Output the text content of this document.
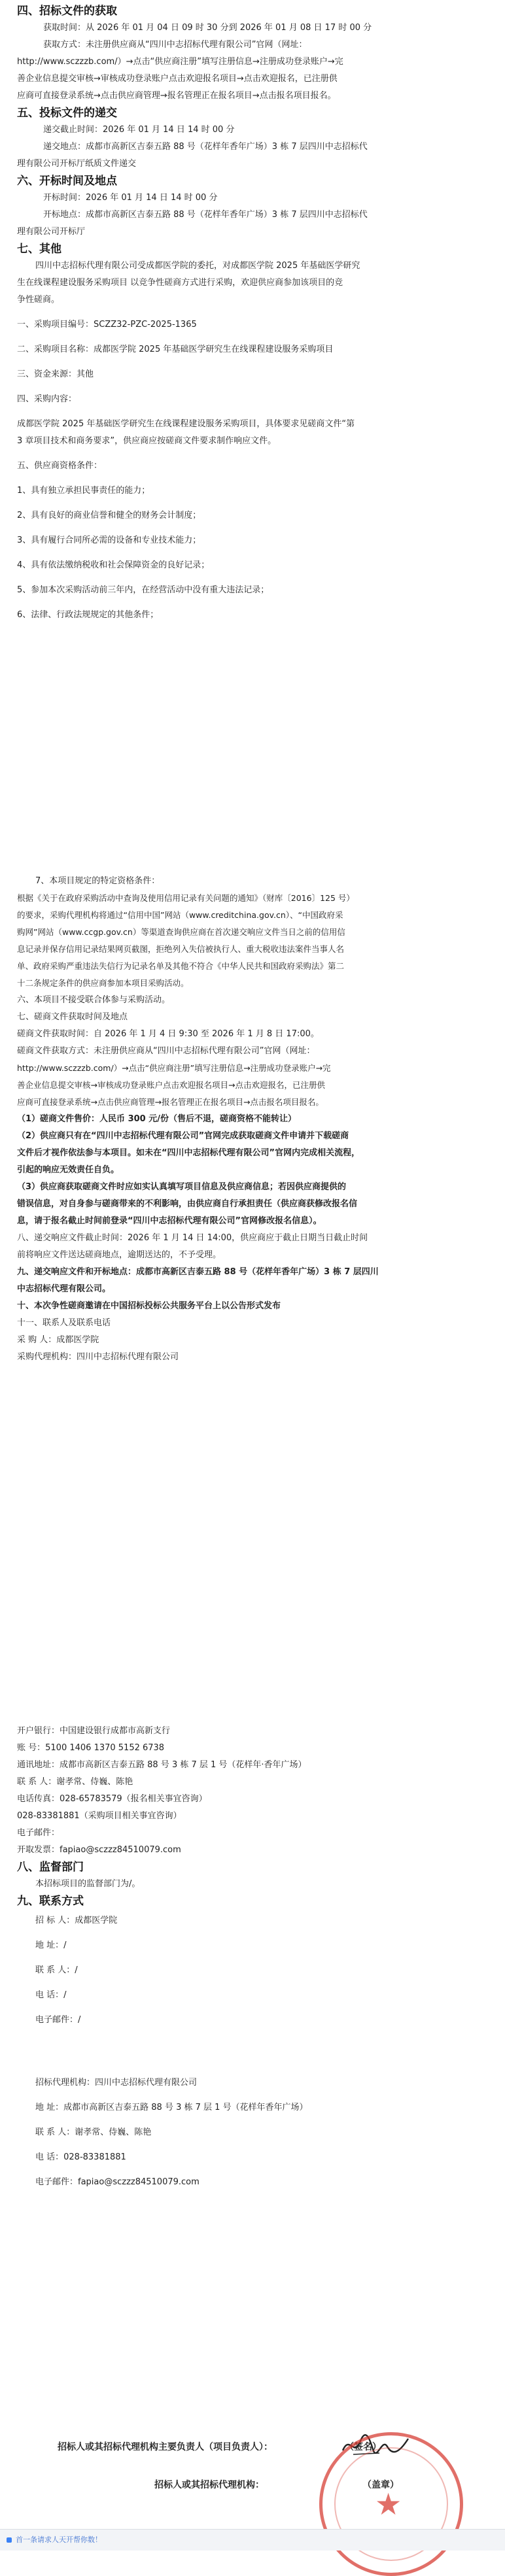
四、招标文件的获取

获取时间：从 2026 年 01 月 04 日 09 时 30 分到 2026 年 01 月 08 日 17 时 00 分

获取方式：未注册供应商从“四川中志招标代理有限公司”官网（网址：

http://www.sczzzb.com/）→点击“供应商注册”填写注册信息→注册成功登录账户→完

善企业信息提交审核→审核成功登录账户点击欢迎报名项目→点击欢迎报名，已注册供

应商可直接登录系统→点击供应商管理→报名管理正在报名项目→点击报名项目报名。

五、投标文件的递交

递交截止时间：2026 年 01 月 14 日 14 时 00 分

递交地点：成都市高新区吉泰五路 88 号（花样年香年广场）3 栋 7 层四川中志招标代

理有限公司开标厅纸质文件递交

六、开标时间及地点

开标时间：2026 年 01 月 14 日 14 时 00 分

开标地点：成都市高新区吉泰五路 88 号（花样年香年广场）3 栋 7 层四川中志招标代

理有限公司开标厅

七、其他

四川中志招标代理有限公司受成都医学院的委托，对成都医学院 2025 年基础医学研究

生在线课程建设服务采购项目 以竞争性磋商方式进行采购，欢迎供应商参加该项目的竞

争性磋商。

一、采购项目编号：SCZZ32-PZC-2025-1365

二、采购项目名称：成都医学院 2025 年基础医学研究生在线课程建设服务采购项目

三、资金来源：其他

四、采购内容：

成都医学院 2025 年基础医学研究生在线课程建设服务采购项目，具体要求见磋商文件“第

3 章项目技术和商务要求”，供应商应按磋商文件要求制作响应文件。

五、供应商资格条件：

1、具有独立承担民事责任的能力；

2、具有良好的商业信誉和健全的财务会计制度；

3、具有履行合同所必需的设备和专业技术能力；

4、具有依法缴纳税收和社会保障资金的良好记录；

5、参加本次采购活动前三年内，在经营活动中没有重大违法记录；

6、法律、行政法规规定的其他条件；

7、本项目规定的特定资格条件：

根据《关于在政府采购活动中查询及使用信用记录有关问题的通知》（财库〔2016〕125 号）

的要求，采购代理机构将通过“信用中国”网站（www.creditchina.gov.cn）、“中国政府采

购网”网站（www.ccgp.gov.cn）等渠道查询供应商在首次递交响应文件当日之前的信用信

息记录并保存信用记录结果网页截图，拒绝列入失信被执行人、重大税收违法案件当事人名

单、政府采购严重违法失信行为记录名单及其他不符合《中华人民共和国政府采购法》第二

十二条规定条件的供应商参加本项目采购活动。

六、本项目不接受联合体参与采购活动。

七、磋商文件获取时间及地点

磋商文件获取时间：自 2026 年 1 月 4 日 9:30 至 2026 年 1 月 8 日 17:00。

磋商文件获取方式：未注册供应商从“四川中志招标代理有限公司”官网（网址：

http://www.sczzzb.com/）→点击“供应商注册”填写注册信息→注册成功登录账户→完

善企业信息提交审核→审核成功登录账户点击欢迎报名项目→点击欢迎报名，已注册供

应商可直接登录系统→点击供应商管理→报名管理正在报名项目→点击报名项目报名。

（1）磋商文件售价：人民币 300 元/份（售后不退，磋商资格不能转让）

（2）供应商只有在“四川中志招标代理有限公司”官网完成获取磋商文件申请并下载磋商

文件后才视作依法参与本项目。如未在“四川中志招标代理有限公司”官网内完成相关流程，

引起的响应无效责任自负。

（3）供应商获取磋商文件时应如实认真填写项目信息及供应商信息；若因供应商提供的

错误信息，对自身参与磋商带来的不利影响，由供应商自行承担责任（供应商获修改报名信

息，请于报名截止时间前登录“四川中志招标代理有限公司”官网修改报名信息）。

八、递交响应文件截止时间：2026 年 1 月 14 日 14:00，供应商应于截止日期当日截止时间

前将响应文件送达磋商地点，逾期送达的，不予受理。

九、递交响应文件和开标地点：成都市高新区吉泰五路 88 号（花样年香年广场）3 栋 7 层四川

中志招标代理有限公司。

十、本次争性磋商邀请在中国招标投标公共服务平台上以公告形式发布

十一、联系人及联系电话

采 购 人：成都医学院

采购代理机构：四川中志招标代理有限公司

开户银行：中国建设银行成都市高新支行

账 号：5100 1406 1370 5152 6738

通讯地址：成都市高新区吉泰五路 88 号 3 栋 7 层 1 号（花样年·香年广场）

联 系 人：谢孝常、侍巍、陈艳

电话传真：028-65783579（报名相关事宜咨询）

028-83381881（采购项目相关事宜咨询）

电子邮件：

开取发票：fapiao@sczzz84510079.com

八、监督部门

本招标项目的监督部门为/。

九、联系方式

招 标 人：成都医学院

地 址：/

联 系 人：/

电 话：/

电子邮件：/

招标代理机构：四川中志招标代理有限公司

地 址：成都市高新区吉泰五路 88 号 3 栋 7 层 1 号（花样年香年广场）

联 系 人：谢孝常、侍巍、陈艳

电 话：028-83381881

电子邮件：fapiao@sczzz84510079.com

招标人或其招标代理机构主要负责人（项目负责人）：	（签名）

招标人或其招标代理机构：	（盖章）

★
首一条请求人天开帮你数！
